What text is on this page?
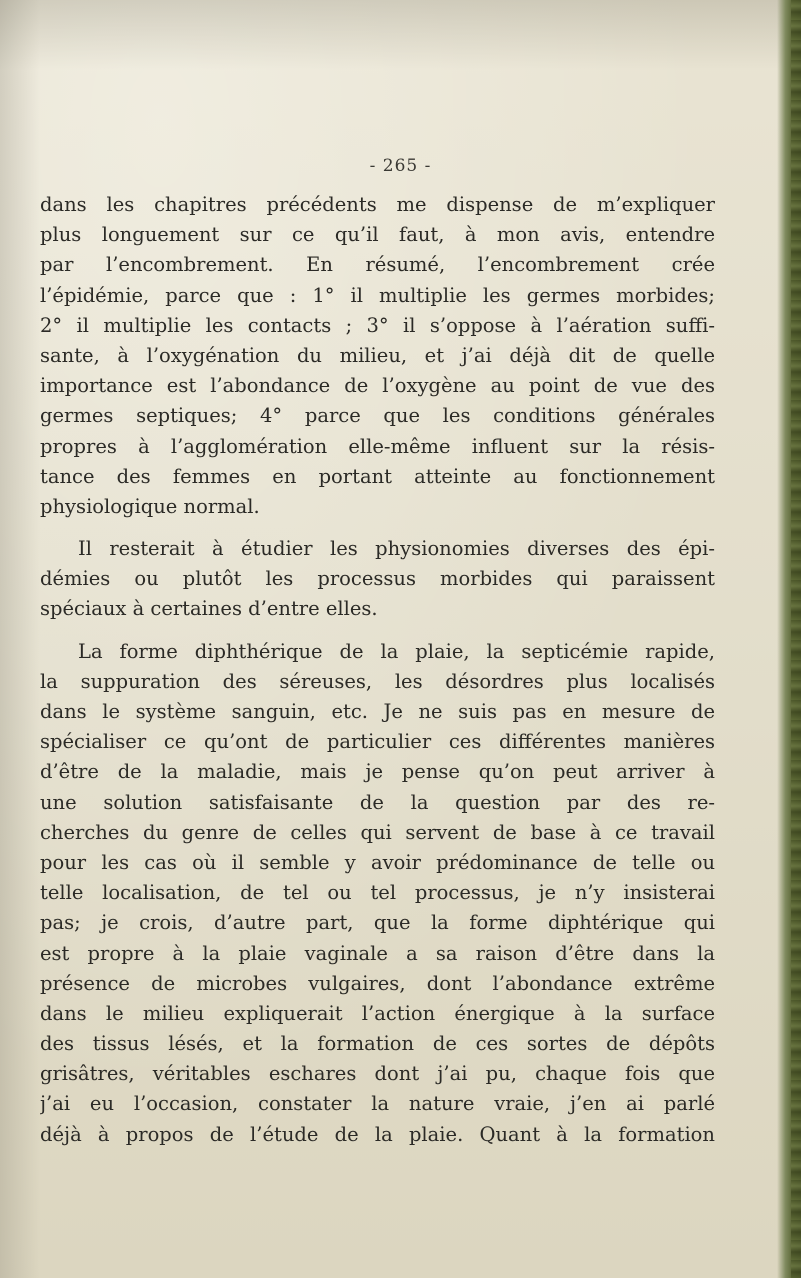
- 265 -
dans les chapitres précédents me dispense de m’expliquer
plus longuement sur ce qu’il faut, à mon avis, entendre
par l’encombrement. En résumé, l’encombrement crée
l’épidémie, parce que : 1° il multiplie les germes morbides;
2° il multiplie les contacts ; 3° il s’oppose à l’aération suffi-
sante, à l’oxygénation du milieu, et j’ai déjà dit de quelle
importance est l’abondance de l’oxygène au point de vue des
germes septiques; 4° parce que les conditions générales
propres à l’agglomération elle-même influent sur la résis-
tance des femmes en portant atteinte au fonctionnement
physiologique normal.
Il resterait à étudier les physionomies diverses des épi-
démies ou plutôt les processus morbides qui paraissent
spéciaux à certaines d’entre elles.
La forme diphthérique de la plaie, la septicémie rapide,
la suppuration des séreuses, les désordres plus localisés
dans le système sanguin, etc. Je ne suis pas en mesure de
spécialiser ce qu’ont de particulier ces différentes manières
d’être de la maladie, mais je pense qu’on peut arriver à
une solution satisfaisante de la question par des re-
cherches du genre de celles qui servent de base à ce travail
pour les cas où il semble y avoir prédominance de telle ou
telle localisation, de tel ou tel processus, je n’y insisterai
pas; je crois, d’autre part, que la forme diphtérique qui
est propre à la plaie vaginale a sa raison d’être dans la
présence de microbes vulgaires, dont l’abondance extrême
dans le milieu expliquerait l’action énergique à la surface
des tissus lésés, et la formation de ces sortes de dépôts
grisâtres, véritables eschares dont j’ai pu, chaque fois que
j’ai eu l’occasion, constater la nature vraie, j’en ai parlé
déjà à propos de l’étude de la plaie. Quant à la formation
